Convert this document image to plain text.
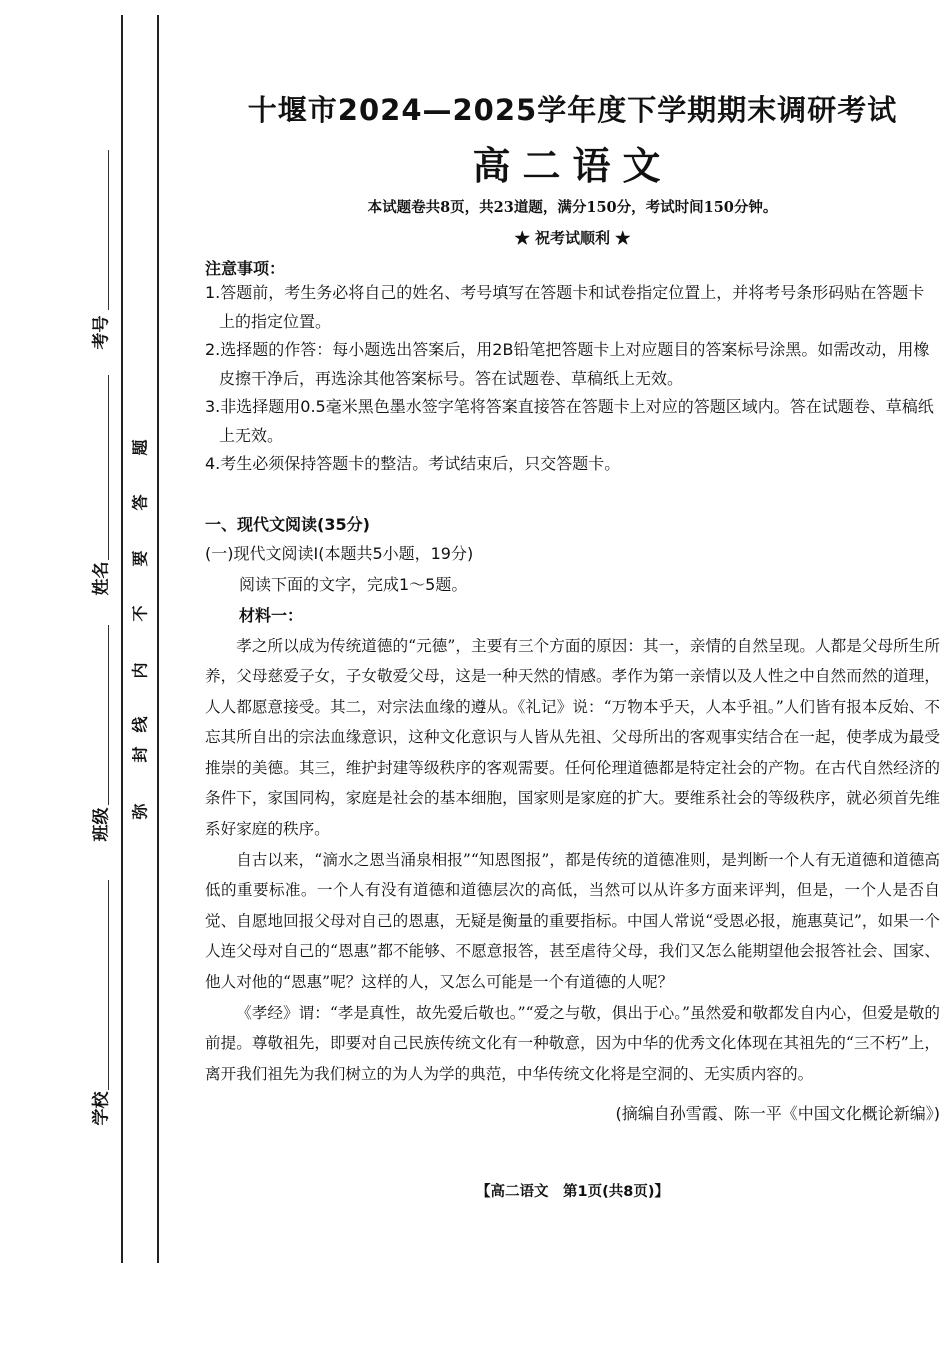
考号
姓名
班级
学校
弥
封
线
内
不
要
答
题
十堰市2024—2025学年度下学期期末调研考试
高二语文
本试题卷共8页，共23道题，满分150分，考试时间150分钟。
★ 祝考试顺利 ★
注意事项：
1.答题前，考生务必将自己的姓名、考号填写在答题卡和试卷指定位置上，并将考号条形码贴在答题卡上的指定位置。
2.选择题的作答：每小题选出答案后，用2B铅笔把答题卡上对应题目的答案标号涂黑。如需改动，用橡皮擦干净后，再选涂其他答案标号。答在试题卷、草稿纸上无效。
3.非选择题用0.5毫米黑色墨水签字笔将答案直接答在答题卡上对应的答题区域内。答在试题卷、草稿纸上无效。
4.考生必须保持答题卡的整洁。考试结束后，只交答题卡。
一、现代文阅读(35分)
(一)现代文阅读Ⅰ(本题共5小题，19分)
阅读下面的文字，完成1～5题。
材料一：

孝之所以成为传统道德的“元德”，主要有三个方面的原因：其一，亲情的自然呈现。人都是父母所生所养，父母慈爱子女，子女敬爱父母，这是一种天然的情感。孝作为第一亲情以及人性之中自然而然的道理，人人都愿意接受。其二，对宗法血缘的遵从。《礼记》说：“万物本乎天，人本乎祖。”人们皆有报本反始、不忘其所自出的宗法血缘意识，这种文化意识与人皆从先祖、父母所出的客观事实结合在一起，使孝成为最受推崇的美德。其三，维护封建等级秩序的客观需要。任何伦理道德都是特定社会的产物。在古代自然经济的条件下，家国同构，家庭是社会的基本细胞，国家则是家庭的扩大。要维系社会的等级秩序，就必须首先维系好家庭的秩序。

自古以来，“滴水之恩当涌泉相报”“知恩图报”，都是传统的道德准则，是判断一个人有无道德和道德高低的重要标准。一个人有没有道德和道德层次的高低，当然可以从许多方面来评判，但是，一个人是否自觉、自愿地回报父母对自己的恩惠，无疑是衡量的重要指标。中国人常说“受恩必报，施惠莫记”，如果一个人连父母对自己的“恩惠”都不能够、不愿意报答，甚至虐待父母，我们又怎么能期望他会报答社会、国家、他人对他的“恩惠”呢？这样的人，又怎么可能是一个有道德的人呢？

《孝经》谓：“孝是真性，故先爱后敬也。”“爱之与敬，俱出于心。”虽然爱和敬都发自内心，但爱是敬的前提。尊敬祖先，即要对自己民族传统文化有一种敬意，因为中华的优秀文化体现在其祖先的“三不朽”上，离开我们祖先为我们树立的为人为学的典范，中华传统文化将是空洞的、无实质内容的。

(摘编自孙雪霞、陈一平《中国文化概论新编》)
【高二语文　第1页(共8页)】
